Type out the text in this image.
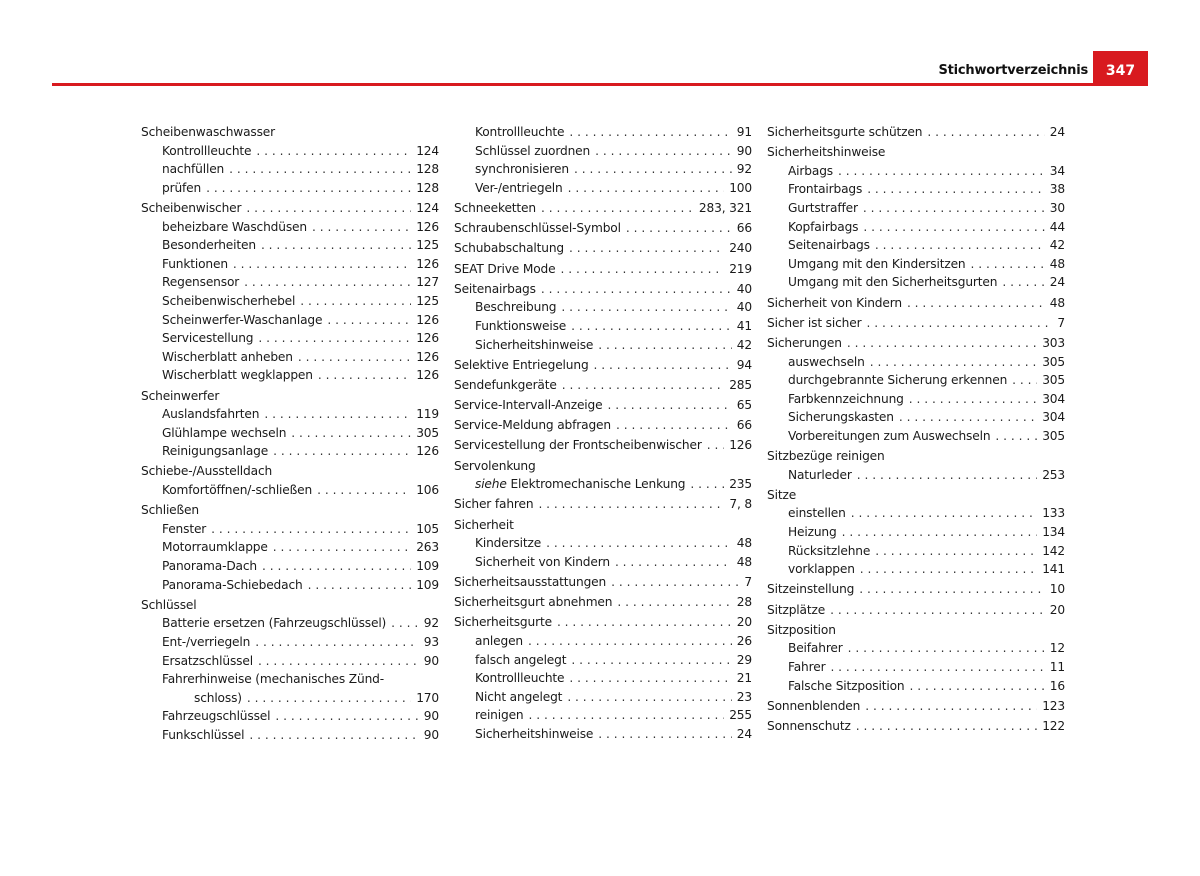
Stichwortverzeichnis	347
Scheibenwaschwasser
Kontrollleuchte . . .	124
nachfüllen . . .	128
prüfen . . .	128
Scheibenwischer . . .	124
beheizbare Waschdüsen . . .	126
Besonderheiten . . .	125
Funktionen . . .	126
Regensensor . . .	127
Scheibenwischerhebel . . .	125
Scheinwerfer-Waschanlage . . .	126
Servicestellung . . .	126
Wischerblatt anheben . . .	126
Wischerblatt wegklappen . . .	126
Scheinwerfer
Auslandsfahrten . . .	119
Glühlampe wechseln . . .	305
Reinigungsanlage . . .	126
Schiebe-/Ausstelldach
Komfortöffnen/-schließen . . .	106
Schließen
Fenster . . .	105
Motorraumklappe . . .	263
Panorama-Dach . . .	109
Panorama-Schiebedach . . .	109
Schlüssel
Batterie ersetzen (Fahrzeugschlüssel) . . .	92
Ent-/verriegeln . . .	93
Ersatzschlüssel . . .	90
Fahrerhinweise (mechanisches Zünd-
schloss) . . .	170
Fahrzeugschlüssel . . .	90
Funkschlüssel . . .	90
Kontrollleuchte . . .	91
Schlüssel zuordnen . . .	90
synchronisieren . . .	92
Ver-/entriegeln . . .	100
Schneeketten . . .	283, 321
Schraubenschlüssel-Symbol . . .	66
Schubabschaltung . . .	240
SEAT Drive Mode . . .	219
Seitenairbags . . .	40
Beschreibung . . .	40
Funktionsweise . . .	41
Sicherheitshinweise . . .	42
Selektive Entriegelung . . .	94
Sendefunkgeräte . . .	285
Service-Intervall-Anzeige . . .	65
Service-Meldung abfragen . . .	66
Servicestellung der Frontscheibenwischer . . . 126
Servolenkung
siehe Elektromechanische Lenkung . . .	235
Sicher fahren . . .	7, 8
Sicherheit
Kindersitze . . .	48
Sicherheit von Kindern . . .	48
Sicherheitsausstattungen . . .	7
Sicherheitsgurt abnehmen . . .	28
Sicherheitsgurte . . .	20
anlegen . . .	26
falsch angelegt . . .	29
Kontrollleuchte . . .	21
Nicht angelegt . . .	23
reinigen . . .	255
Sicherheitshinweise . . .	24
Sicherheitsgurte schützen . . .	24
Sicherheitshinweise
Airbags . . .	34
Frontairbags . . .	38
Gurtstraffer . . .	30
Kopfairbags . . .	44
Seitenairbags . . .	42
Umgang mit den Kindersitzen . . .	48
Umgang mit den Sicherheitsgurten . . .	24
Sicherheit von Kindern . . .	48
Sicher ist sicher . . .	7
Sicherungen . . .	303
auswechseln . . .	305
durchgebrannte Sicherung erkennen . . .	305
Farbkennzeichnung . . .	304
Sicherungskasten . . .	304
Vorbereitungen zum Auswechseln . . .	305
Sitzbezüge reinigen
Naturleder . . .	253
Sitze
einstellen . . .	133
Heizung . . .	134
Rücksitzlehne . . .	142
vorklappen . . .	141
Sitzeinstellung . . .	10
Sitzplätze . . .	20
Sitzposition
Beifahrer . . .	12
Fahrer . . .	11
Falsche Sitzposition . . .	16
Sonnenblenden . . .	123
Sonnenschutz . . .	122
